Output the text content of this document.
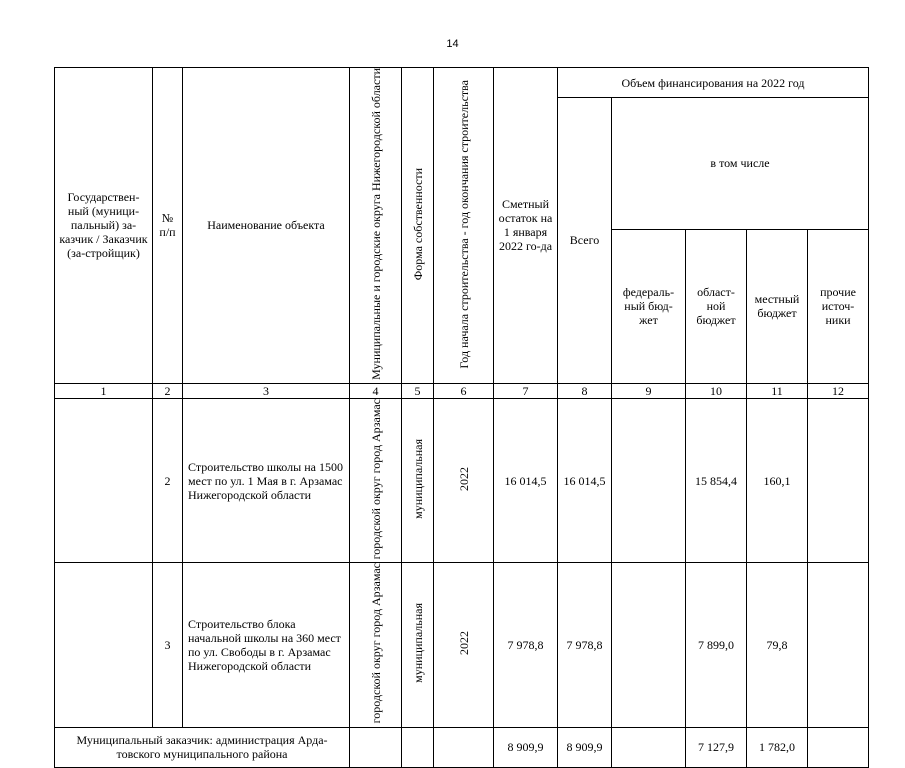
14
Государствен-ный (муници-пальный) за-казчик / Заказчик (за-стройщик)	№ п/п	Наименование объекта	Муниципальные и городские округа Нижегородской области	Форма собственности	Год начала строительства - год окончания строительства	Сметный остаток на 1 января 2022 го-да	Объем финансирования на 2022 год				
							Всего	в том числе			
								федераль-ный бюд-жет	област-ной бюджет	местный бюджет	прочие источ-ники
1	2	3	4	5	6	7	8	9	10	11	12
	2	Строительство школы на 1500 мест по ул. 1 Мая в г. Арзамас Нижегородской области	городской округ город Арзамас	муниципальная	2022	16 014,5	16 014,5		15 854,4	160,1	
	3	Строительство блока начальной школы на 360 мест по ул. Свободы в г. Арзамас Нижегородской области	городской округ город Арзамас	муниципальная	2022	7 978,8	7 978,8		7 899,0	79,8	
Муниципальный заказчик: администрация Арда-товского муниципального района						8 909,9	8 909,9		7 127,9	1 782,0	
